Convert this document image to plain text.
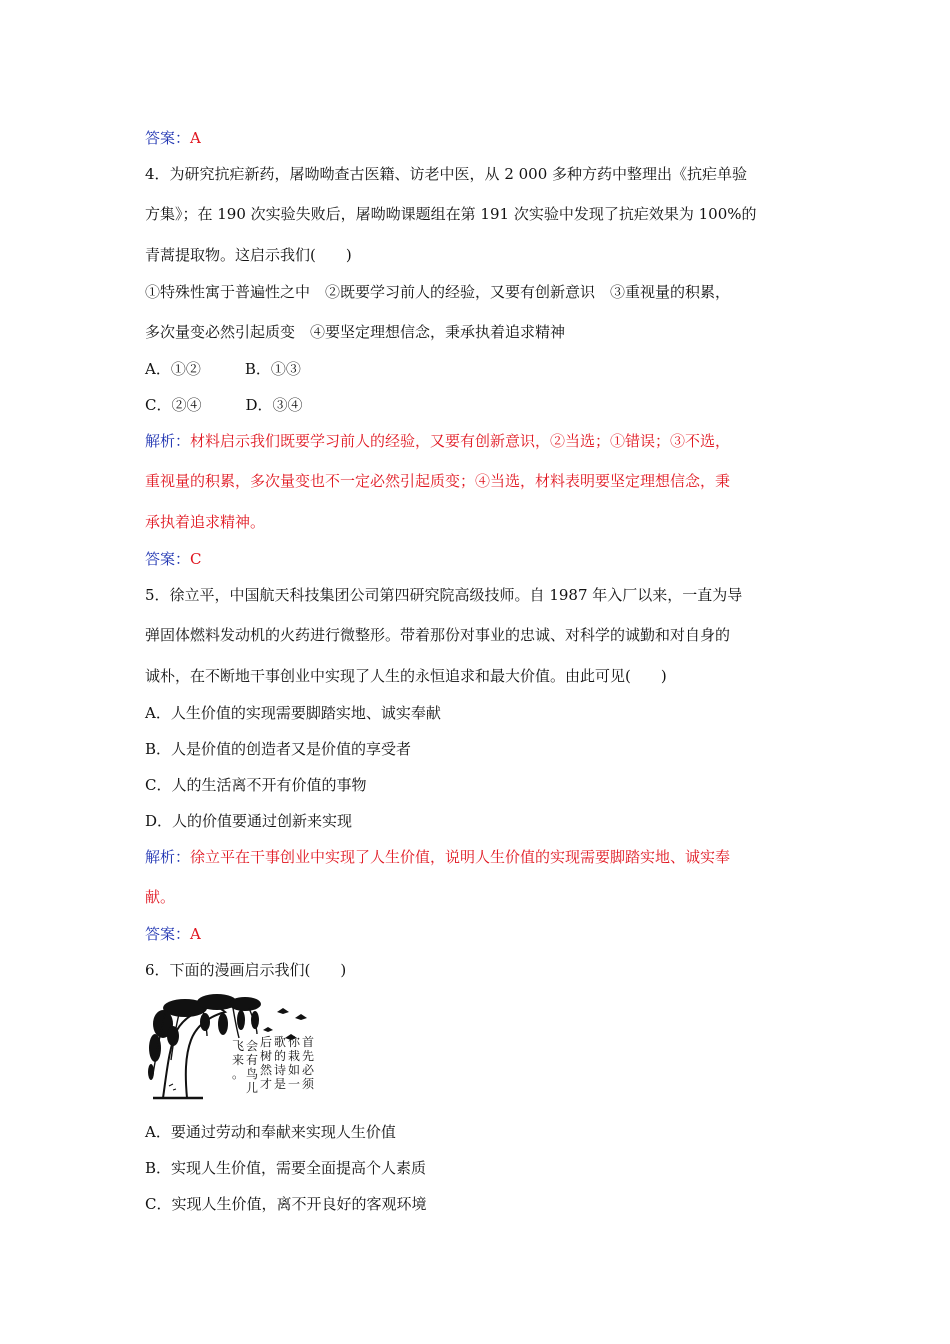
答案：A
4．为研究抗疟新药，屠呦呦查古医籍、访老中医，从 2 000 多种方药中整理出《抗疟单验
方集》；在 190 次实验失败后，屠呦呦课题组在第 191 次实验中发现了抗疟效果为 100%的
青蒿提取物。这启示我们(　　)
①特殊性寓于普遍性之中　②既要学习前人的经验，又要有创新意识　③重视量的积累，
多次量变必然引起质变　④要坚定理想信念，秉承执着追求精神
A．①②	B．①③
C．②④	D．③④
解析：材料启示我们既要学习前人的经验，又要有创新意识，②当选；①错误；③不选，
重视量的积累，多次量变也不一定必然引起质变；④当选，材料表明要坚定理想信念，秉
承执着追求精神。
答案：C
5．徐立平，中国航天科技集团公司第四研究院高级技师。自 1987 年入厂以来，一直为导
弹固体燃料发动机的火药进行微整形。带着那份对事业的忠诚、对科学的诚勤和对自身的
诚朴，在不断地干事创业中实现了人生的永恒追求和最大价值。由此可见(　　)
A．人生价值的实现需要脚踏实地、诚实奉献
B．人是价值的创造者又是价值的享受者
C．人的生活离不开有价值的事物
D．人的价值要通过创新来实现
解析：徐立平在干事创业中实现了人生价值，说明人生价值的实现需要脚踏实地、诚实奉
献。
答案：A
6．下面的漫画启示我们(　　)
首
先
必
须
你
栽
如
一
歌
的
诗
是
后
树
然
才
会
有
鸟
儿
飞
来
。
A．要通过劳动和奉献来实现人生价值
B．实现人生价值，需要全面提高个人素质
C．实现人生价值，离不开良好的客观环境
